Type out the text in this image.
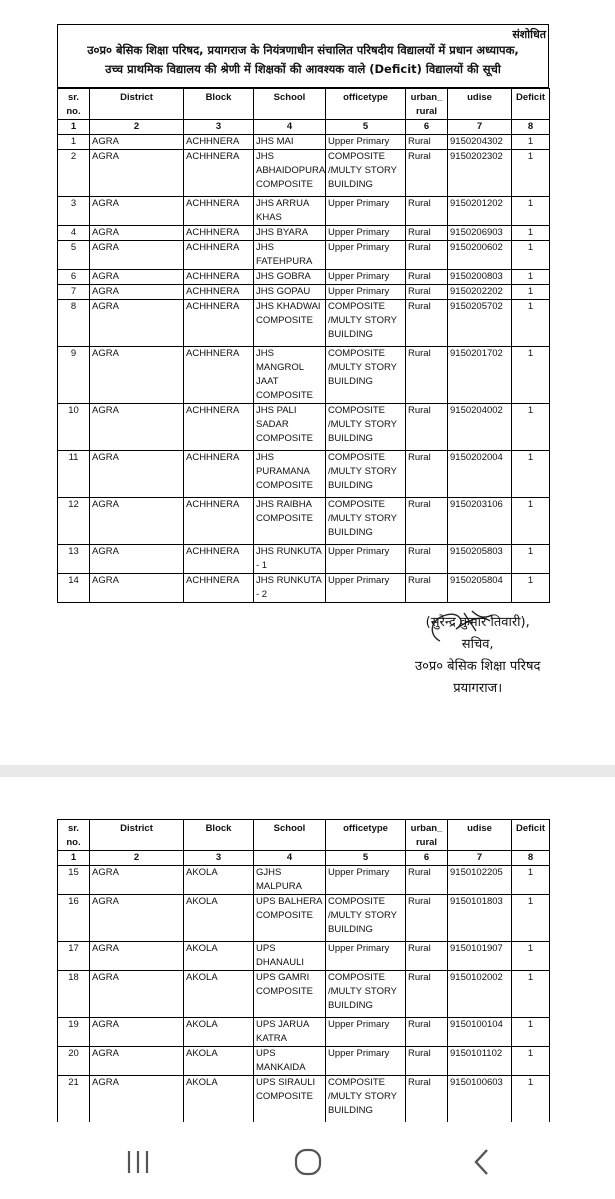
संशोधित
उ०प्र० बेसिक शिक्षा परिषद, प्रयागराज के नियंत्रणाधीन संचालित परिषदीय विद्यालयों में प्रधान अध्यापक,
उच्च प्राथमिक विद्यालय की श्रेणी में शिक्षकों की आवश्यक वाले (Deficit) विद्यालयों की सूची
sr. no.	District	Block	School	officetype	urban_ rural	udise	Deficit
1	2	3	4	5	6	7	8
1	AGRA	ACHHNERA	JHS MAI	Upper Primary	Rural	9150204302	1
2	AGRA	ACHHNERA	JHS ABHAIDOPURA COMPOSITE	COMPOSITE /MULTY STORY BUILDING	Rural	9150202302	1
3	AGRA	ACHHNERA	JHS ARRUA KHAS	Upper Primary	Rural	9150201202	1
4	AGRA	ACHHNERA	JHS BYARA	Upper Primary	Rural	9150206903	1
5	AGRA	ACHHNERA	JHS FATEHPURA	Upper Primary	Rural	9150200602	1
6	AGRA	ACHHNERA	JHS GOBRA	Upper Primary	Rural	9150200803	1
7	AGRA	ACHHNERA	JHS GOPAU	Upper Primary	Rural	9150202202	1
8	AGRA	ACHHNERA	JHS KHADWAI COMPOSITE	COMPOSITE /MULTY STORY BUILDING	Rural	9150205702	1
9	AGRA	ACHHNERA	JHS MANGROL JAAT COMPOSITE	COMPOSITE /MULTY STORY BUILDING	Rural	9150201702	1
10	AGRA	ACHHNERA	JHS PALI SADAR COMPOSITE	COMPOSITE /MULTY STORY BUILDING	Rural	9150204002	1
11	AGRA	ACHHNERA	JHS PURAMANA COMPOSITE	COMPOSITE /MULTY STORY BUILDING	Rural	9150202004	1
12	AGRA	ACHHNERA	JHS RAIBHA COMPOSITE	COMPOSITE /MULTY STORY BUILDING	Rural	9150203106	1
13	AGRA	ACHHNERA	JHS RUNKUTA - 1	Upper Primary	Rural	9150205803	1
14	AGRA	ACHHNERA	JHS RUNKUTA - 2	Upper Primary	Rural	9150205804	1
(सुरेन्द्र कुमार तिवारी),
सचिव,
उ०प्र० बेसिक शिक्षा परिषद
प्रयागराज।
sr. no.	District	Block	School	officetype	urban_ rural	udise	Deficit
1	2	3	4	5	6	7	8
15	AGRA	AKOLA	GJHS MALPURA	Upper Primary	Rural	9150102205	1
16	AGRA	AKOLA	UPS BALHERA COMPOSITE	COMPOSITE /MULTY STORY BUILDING	Rural	9150101803	1
17	AGRA	AKOLA	UPS DHANAULI	Upper Primary	Rural	9150101907	1
18	AGRA	AKOLA	UPS GAMRI COMPOSITE	COMPOSITE /MULTY STORY BUILDING	Rural	9150102002	1
19	AGRA	AKOLA	UPS JARUA KATRA	Upper Primary	Rural	9150100104	1
20	AGRA	AKOLA	UPS MANKAIDA	Upper Primary	Rural	9150101102	1
21	AGRA	AKOLA	UPS SIRAULI COMPOSITE	COMPOSITE /MULTY STORY BUILDING	Rural	9150100603	1
